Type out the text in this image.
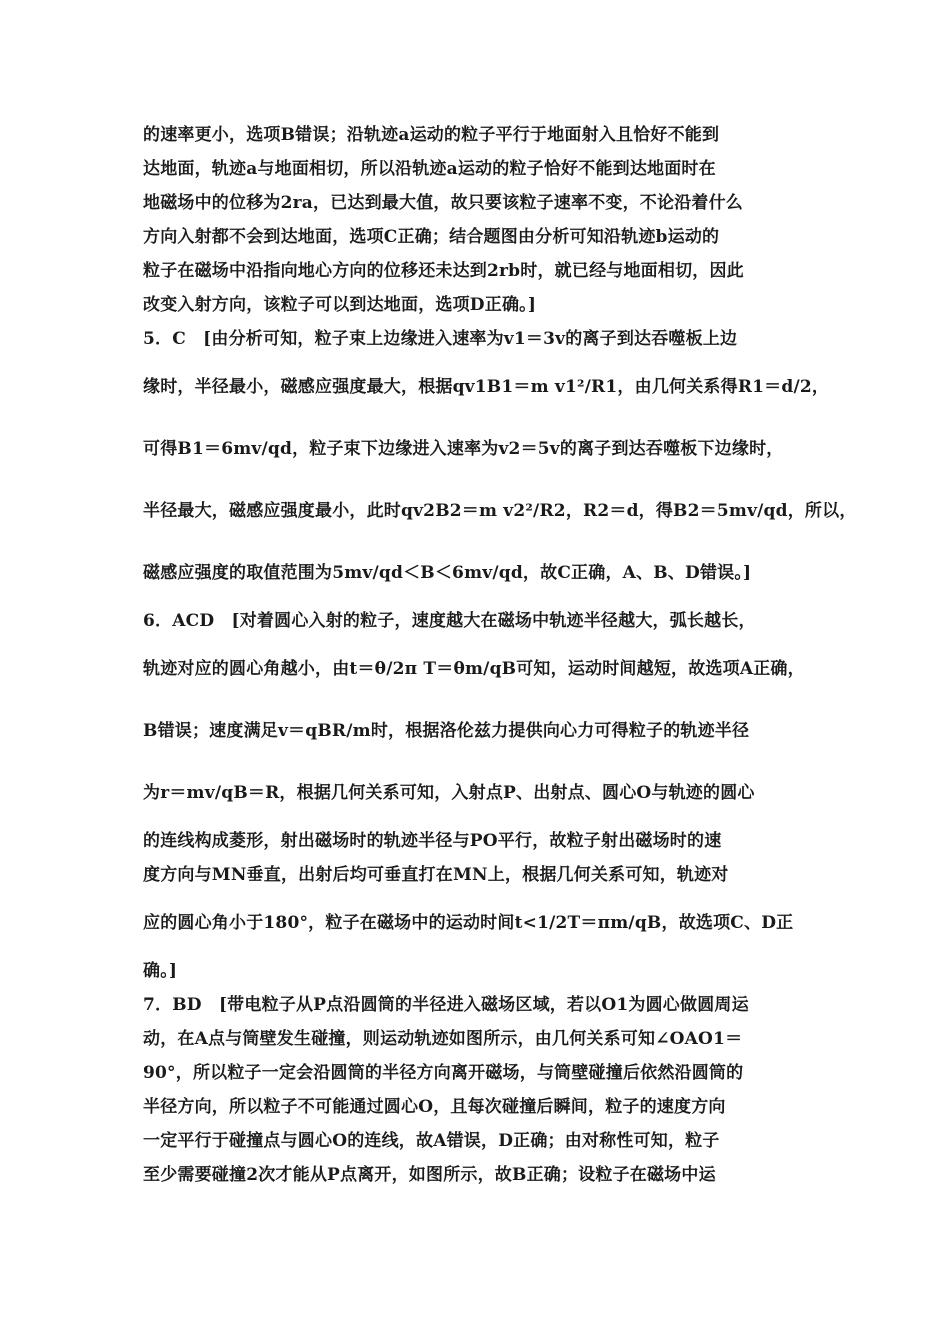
的速率更小，选项B错误；沿轨迹a运动的粒子平行于地面射入且恰好不能到
达地面，轨迹a与地面相切，所以沿轨迹a运动的粒子恰好不能到达地面时在
地磁场中的位移为2ra，已达到最大值，故只要该粒子速率不变，不论沿着什么
方向入射都不会到达地面，选项C正确；结合题图由分析可知沿轨迹b运动的
粒子在磁场中沿指向地心方向的位移还未达到2rb时，就已经与地面相切，因此
改变入射方向，该粒子可以到达地面，选项D正确。]
5．C　[由分析可知，粒子束上边缘进入速率为v1＝3v的离子到达吞噬板上边
缘时，半径最小，磁感应强度最大，根据qv1B1＝m v1²/R1，由几何关系得R1＝d/2，
可得B1＝6mv/qd，粒子束下边缘进入速率为v2＝5v的离子到达吞噬板下边缘时，
半径最大，磁感应强度最小，此时qv2B2＝m v2²/R2，R2＝d，得B2＝5mv/qd，所以，
磁感应强度的取值范围为5mv/qd＜B＜6mv/qd，故C正确，A、B、D错误。]
6．ACD　[对着圆心入射的粒子，速度越大在磁场中轨迹半径越大，弧长越长，
轨迹对应的圆心角越小，由t＝θ/2π T＝θm/qB可知，运动时间越短，故选项A正确，
B错误；速度满足v＝qBR/m时，根据洛伦兹力提供向心力可得粒子的轨迹半径
为r＝mv/qB＝R，根据几何关系可知，入射点P、出射点、圆心O与轨迹的圆心
的连线构成菱形，射出磁场时的轨迹半径与PO平行，故粒子射出磁场时的速
度方向与MN垂直，出射后均可垂直打在MN上，根据几何关系可知，轨迹对
应的圆心角小于180°，粒子在磁场中的运动时间t<1/2T＝πm/qB，故选项C、D正
确。]
7．BD　[带电粒子从P点沿圆筒的半径进入磁场区域，若以O1为圆心做圆周运
动，在A点与筒壁发生碰撞，则运动轨迹如图所示，由几何关系可知∠OAO1＝
90°，所以粒子一定会沿圆筒的半径方向离开磁场，与筒壁碰撞后依然沿圆筒的
半径方向，所以粒子不可能通过圆心O，且每次碰撞后瞬间，粒子的速度方向
一定平行于碰撞点与圆心O的连线，故A错误，D正确；由对称性可知，粒子
至少需要碰撞2次才能从P点离开，如图所示，故B正确；设粒子在磁场中运
